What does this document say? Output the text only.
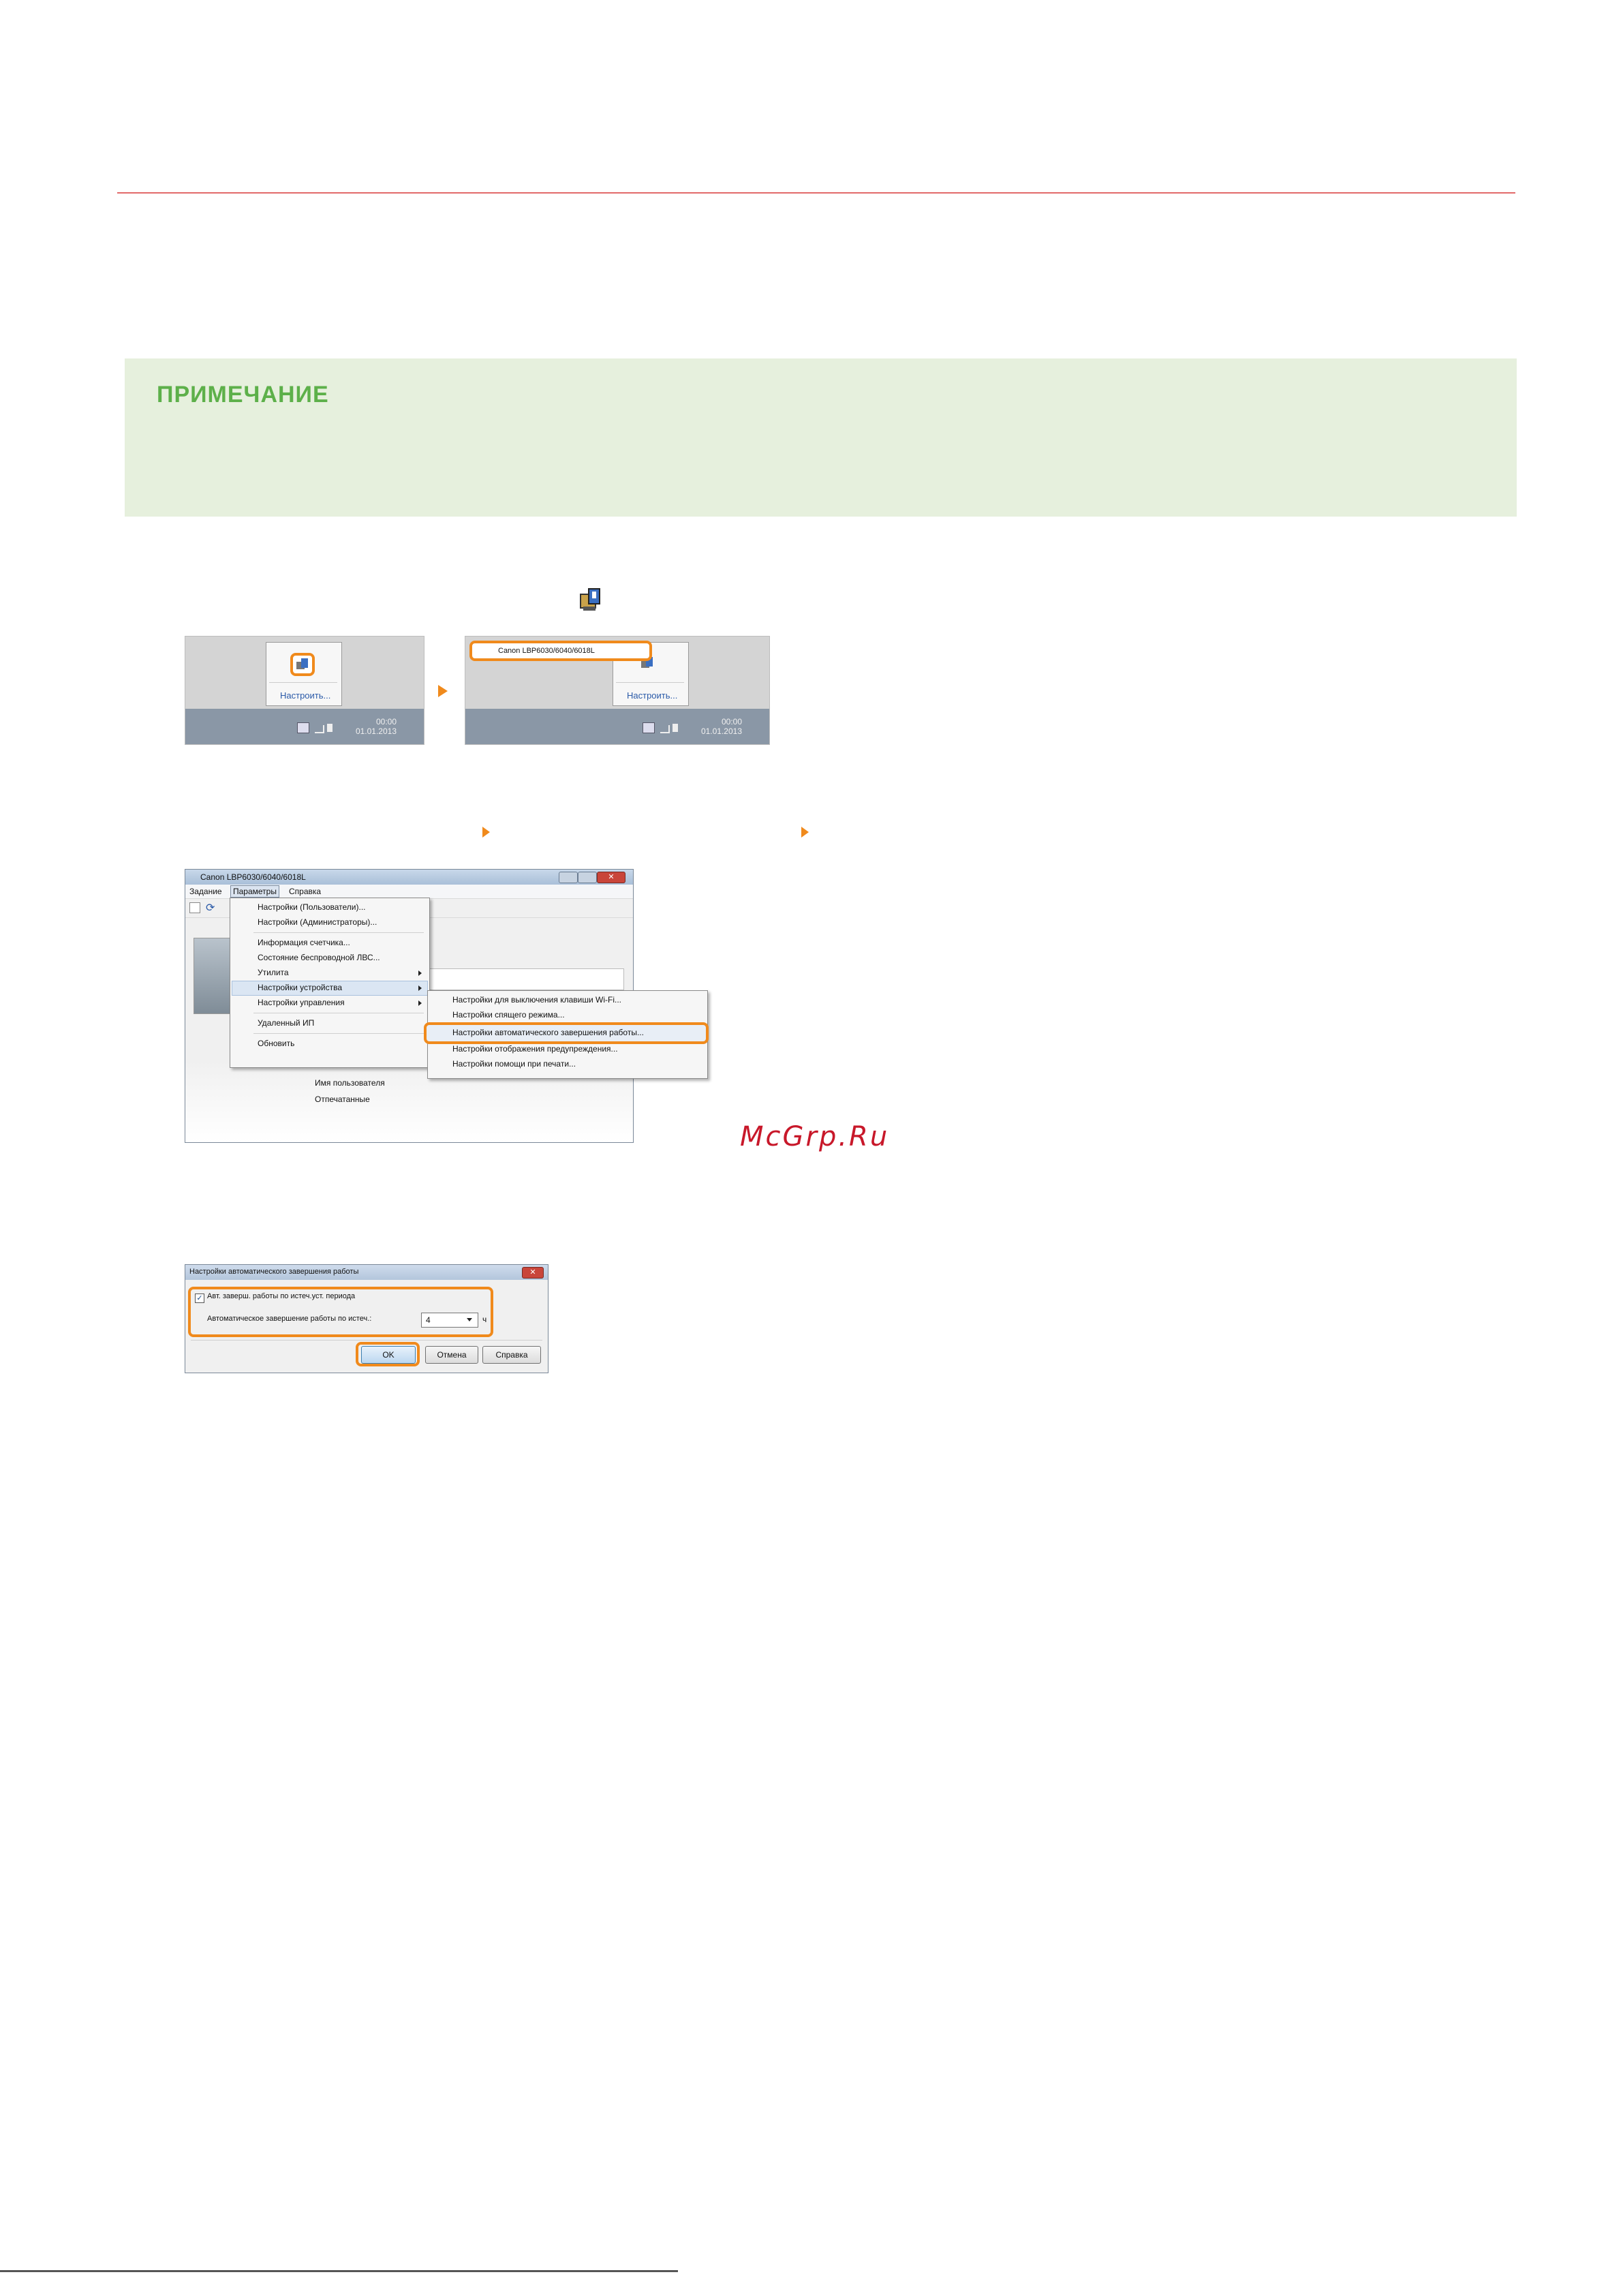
ПРИМЕЧАНИЕ
Настроить...
00:00
01.01.2013
Настроить...
Canon LBP6030/6040/6018L
00:00
01.01.2013
Canon LBP6030/6040/6018L	✕
Задание	Параметры	Справка
⟳
Имя пользователя
Отпечатанные
Настройки (Пользователи)...
Настройки (Администраторы)...
Информация счетчика...
Состояние беспроводной ЛВС...
Утилита
Настройки устройства
Настройки управления
Удаленный ИП
Обновить
Настройки для выключения клавиши Wi-Fi...
Настройки спящего режима...
Настройки автоматического завершения работы...
Настройки отображения предупреждения...
Настройки помощи при печати...
McGrp.Ru
Настройки автоматического завершения работы	✕
✓ Авт. заверш. работы по истеч.уст. периода
Автоматическое завершение работы по истеч.:	4	ч
OK	Отмена	Справка
